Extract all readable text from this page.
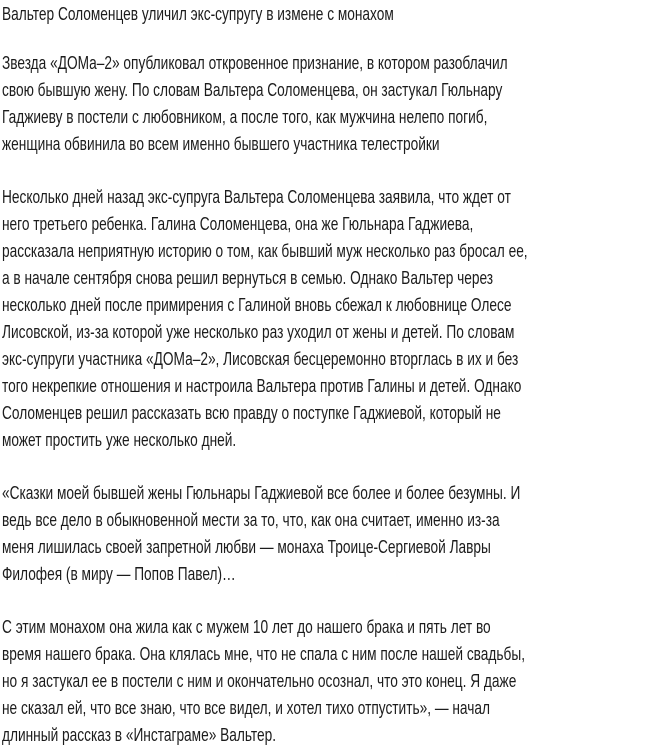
Вальтер Соломенцев уличил экс-супругу в измене с монахом

Звезда «ДОМа–2» опубликовал откровенное признание, в котором разоблачил
свою бывшую жену. По словам Вальтера Соломенцева, он застукал Гюльнару
Гаджиеву в постели с любовником, а после того, как мужчина нелепо погиб,
женщина обвинила во всем именно бывшего участника телестройки

Несколько дней назад экс-супруга Вальтера Соломенцева заявила, что ждет от
него третьего ребенка. Галина Соломенцева, она же Гюльнара Гаджиева,
рассказала неприятную историю о том, как бывший муж несколько раз бросал ее,
а в начале сентября снова решил вернуться в семью. Однако Вальтер через
несколько дней после примирения с Галиной вновь сбежал к любовнице Олесе
Лисовской, из-за которой уже несколько раз уходил от жены и детей. По словам
экс-супруги участника «ДОМа–2», Лисовская бесцеремонно вторглась в их и без
того некрепкие отношения и настроила Вальтера против Галины и детей. Однако
Соломенцев решил рассказать всю правду о поступке Гаджиевой, который не
может простить уже несколько дней.

«Сказки моей бывшей жены Гюльнары Гаджиевой все более и более безумны. И
ведь все дело в обыкновенной мести за то, что, как она считает, именно из-за
меня лишилась своей запретной любви — монаха Троице-Сергиевой Лавры
Филофея (в миру — Попов Павел)…

С этим монахом она жила как с мужем 10 лет до нашего брака и пять лет во
время нашего брака. Она клялась мне, что не спала с ним после нашей свадьбы,
но я застукал ее в постели с ним и окончательно осознал, что это конец. Я даже
не сказал ей, что все знаю, что все видел, и хотел тихо отпустить», — начал
длинный рассказ в «Инстаграме» Вальтер.
